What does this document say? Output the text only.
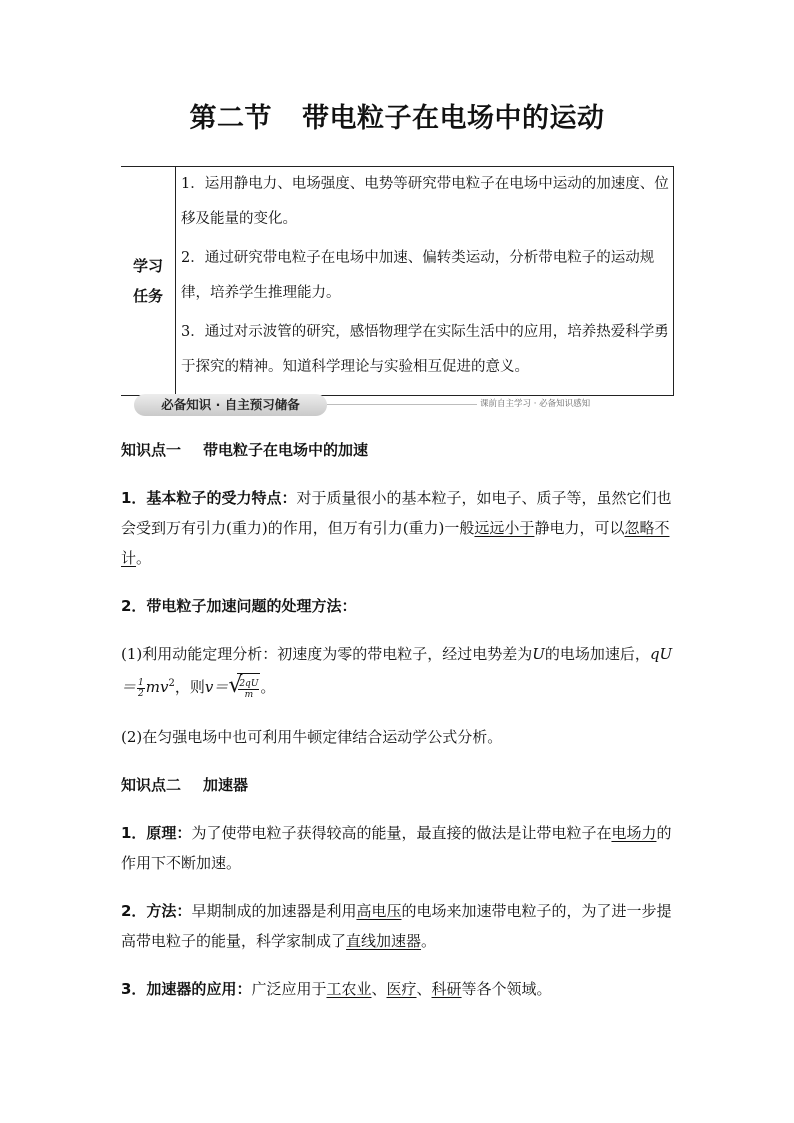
第二节 带电粒子在电场中的运动
学习
任务

1．运用静电力、电场强度、电势等研究带电粒子在电场中运动的加速度、位移及能量的变化。

2．通过研究带电粒子在电场中加速、偏转类运动，分析带电粒子的运动规律，培养学生推理能力。

3．通过对示波管的研究，感悟物理学在实际生活中的应用，培养热爱科学勇于探究的精神。知道科学理论与实验相互促进的意义。

必备知识 · 自主预习储备	课前自主学习 · 必备知识感知

知识点一 带电粒子在电场中的加速

1．基本粒子的受力特点：对于质量很小的基本粒子，如电子、质子等，虽然它们也会受到万有引力(重力)的作用，但万有引力(重力)一般远远小于静电力，可以忽略不计。

2．带电粒子加速问题的处理方法：

(1)利用动能定理分析：初速度为零的带电粒子，经过电势差为U的电场加速后，$qU= \frac{1}{2} mv^2$，则v＝ √
$\frac{2qU}{m}$ 。

(2)在匀强电场中也可利用牛顿定律结合运动学公式分析。

知识点二 加速器

1．原理：为了使带电粒子获得较高的能量，最直接的做法是让带电粒子在电场力的作用下不断加速。

2．方法：早期制成的加速器是利用高电压的电场来加速带电粒子的，为了进一步提高带电粒子的能量，科学家制成了直线加速器。

3．加速器的应用：广泛应用于工农业、医疗、科研等各个领域。
